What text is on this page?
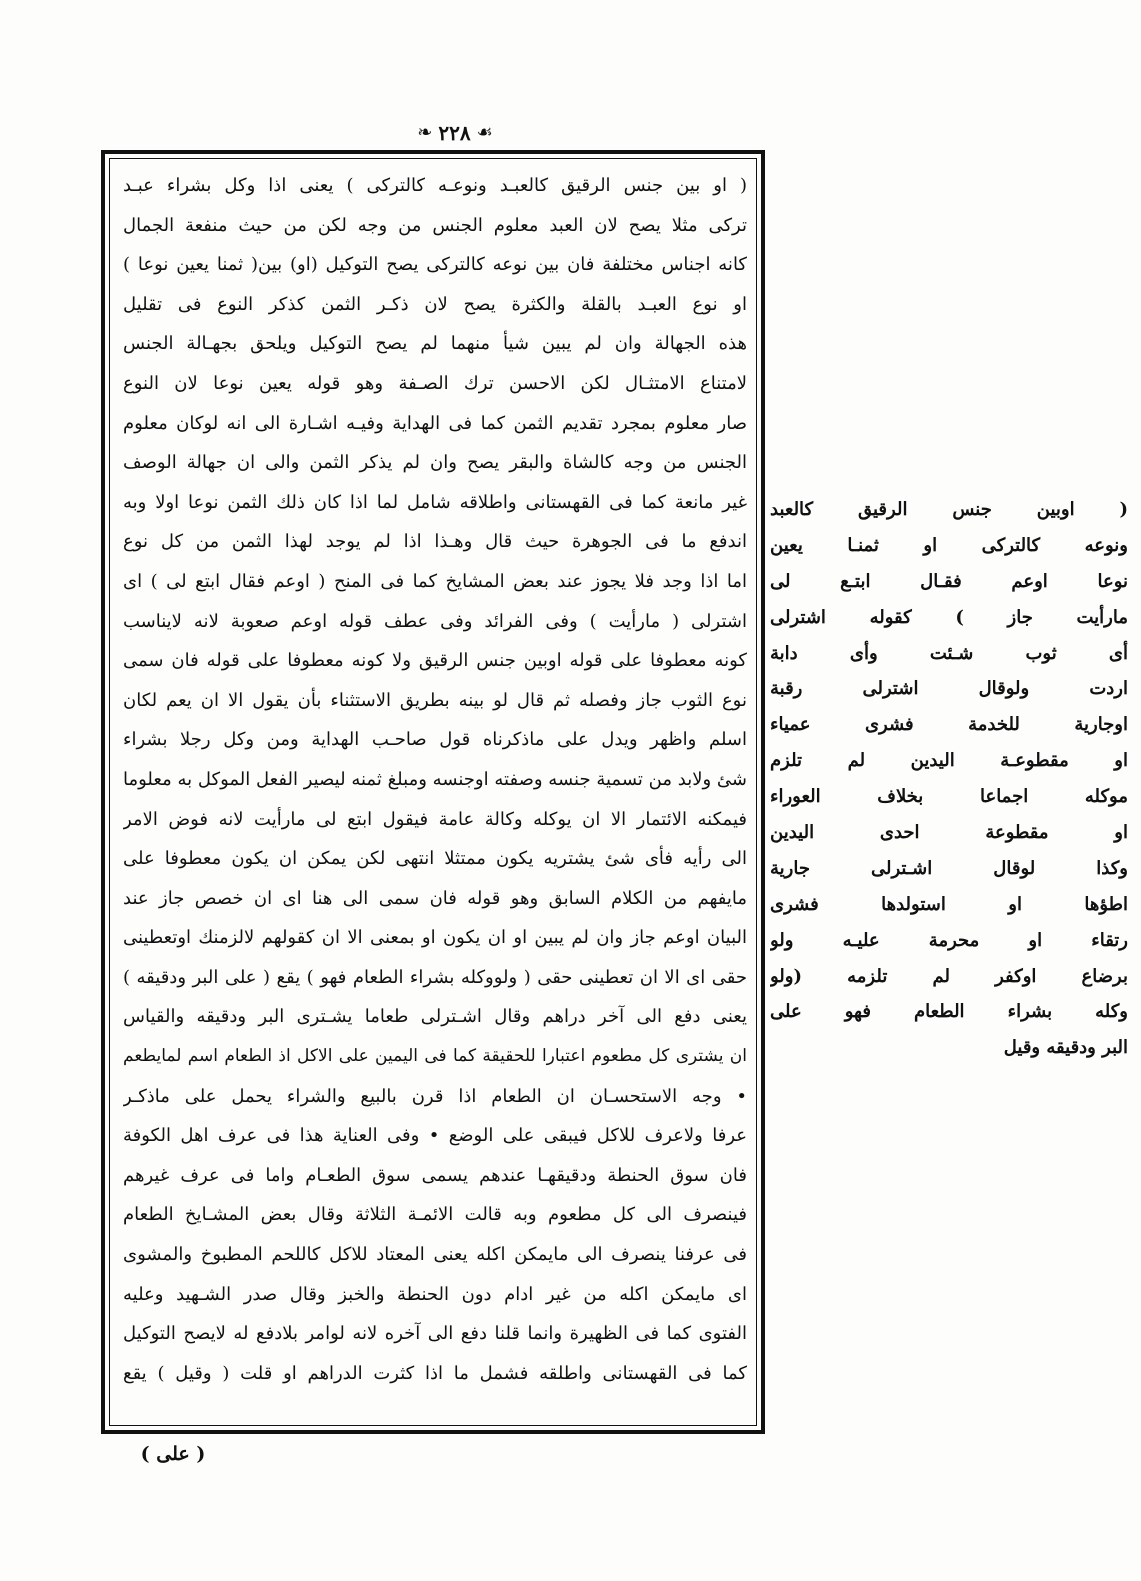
❧ ٢٢٨ ☙
( او بين جنس الرقيق كالعبـد ونوعـه كالتركى ) يعنى اذا وكل بشراء عبـد
تركى مثلا يصح لان العبد معلوم الجنس من وجه لكن من حيث منفعة الجمال
كانه اجناس مختلفة فان بين نوعه كالتركى يصح التوكيل (او) بين( ثمنا يعين نوعا )
او نوع العبـد بالقلة والكثرة يصح لان ذكـر الثمن كذكر النوع فى تقليل
هذه الجهالة وان لم يبين شيأ منهما لم يصح التوكيل ويلحق بجهـالة الجنس
لامتناع الامتثـال لكن الاحسن ترك الصـفة وهو قوله يعين نوعا لان النوع
صار معلوم بمجرد تقديم الثمن كما فى الهداية وفيـه اشـارة الى انه لوكان معلوم
الجنس من وجه كالشاة والبقر يصح وان لم يذكر الثمن والى ان جهالة الوصف
غير مانعة كما فى القهستانى واطلاقه شامل لما اذا كان ذلك الثمن نوعا اولا وبه
اندفع ما فى الجوهرة حيث قال وهـذا اذا لم يوجد لهذا الثمن من كل نوع
اما اذا وجد فلا يجوز عند بعض المشايخ كما فى المنح ( اوعم فقال ابتع لى ) اى
اشترلى ( مارأيت ) وفى الفرائد وفى عطف قوله اوعم صعوبة لانه لايناسب
كونه معطوفا على قوله اوبين جنس الرقيق ولا كونه معطوفا على قوله فان سمى
نوع الثوب جاز وفصله ثم قال لو بينه بطريق الاستثناء بأن يقول الا ان يعم لكان
اسلم واظهر ويدل على ماذكرناه قول صاحـب الهداية ومن وكل رجلا بشراء
شئ ولابد من تسمية جنسه وصفته اوجنسه ومبلغ ثمنه ليصير الفعل الموكل به معلوما
فيمكنه الائتمار الا ان يوكله وكالة عامة فيقول ابتع لى مارأيت لانه فوض الامر
الى رأيه فأى شئ يشتريه يكون ممتثلا انتهى لكن يمكن ان يكون معطوفا على
مايفهم من الكلام السابق وهو قوله فان سمى الى هنا اى ان خصص جاز عند
البيان اوعم جاز وان لم يبين او ان يكون او بمعنى الا ان كقولهم لالزمنك اوتعطينى
حقى اى الا ان تعطينى حقى ( ولووكله بشراء الطعام فهو ) يقع ( على البر ودقيقه )
يعنى دفع الى آخر دراهم وقال اشـترلى طعاما يشـترى البر ودقيقه والقياس
ان يشترى كل مطعوم اعتبارا للحقيقة كما فى اليمين على الاكل اذ الطعام اسم لمايطعم
• وجه الاستحسـان ان الطعام اذا قرن بالبيع والشراء يحمل على ماذكـر
عرفا ولاعرف للاكل فيبقى على الوضع • وفى العناية هذا فى عرف اهل الكوفة
فان سوق الحنطة ودقيقهـا عندهم يسمى سوق الطعـام واما فى عرف غيرهم
فينصرف الى كل مطعوم وبه قالت الائمـة الثلاثة وقال بعض المشـايخ الطعام
فى عرفنا ينصرف الى مايمكن اكله يعنى المعتاد للاكل كاللحم المطبوخ والمشوى
اى مايمكن اكله من غير ادام دون الحنطة والخبز وقال صدر الشـهيد وعليه
الفتوى كما فى الظهيرة وانما قلنا دفع الى آخره لانه لوامر بلادفع له لايصح التوكيل
كما فى القهستانى واطلقه فشمل ما اذا كثرت الدراهم او قلت ( وقيل ) يقع
( اوبين جنس الرقيق كالعبد
ونوعه كالتركى او ثمنـا يعين
نوعا اوعم فقـال ابتـع لى
مارأيت جاز ) كقوله اشترلى
أى ثوب شـئت وأى دابة
اردت ولوقال اشترلى رقبة
اوجارية للخدمة فشرى عمياء
او مقطوعـة اليدين لم تلزم
موكله اجماعا بخلاف العوراء
او مقطوعة احدى اليدين
وكذا لوقال اشـترلى جارية
اطؤها او استولدها فشرى
رتقاء او محرمة عليـه ولو
برضاع اوكفر لم تلزمه (ولو
وكله بشراء الطعام فهو على
البر ودقيقه وقيل
( على )
